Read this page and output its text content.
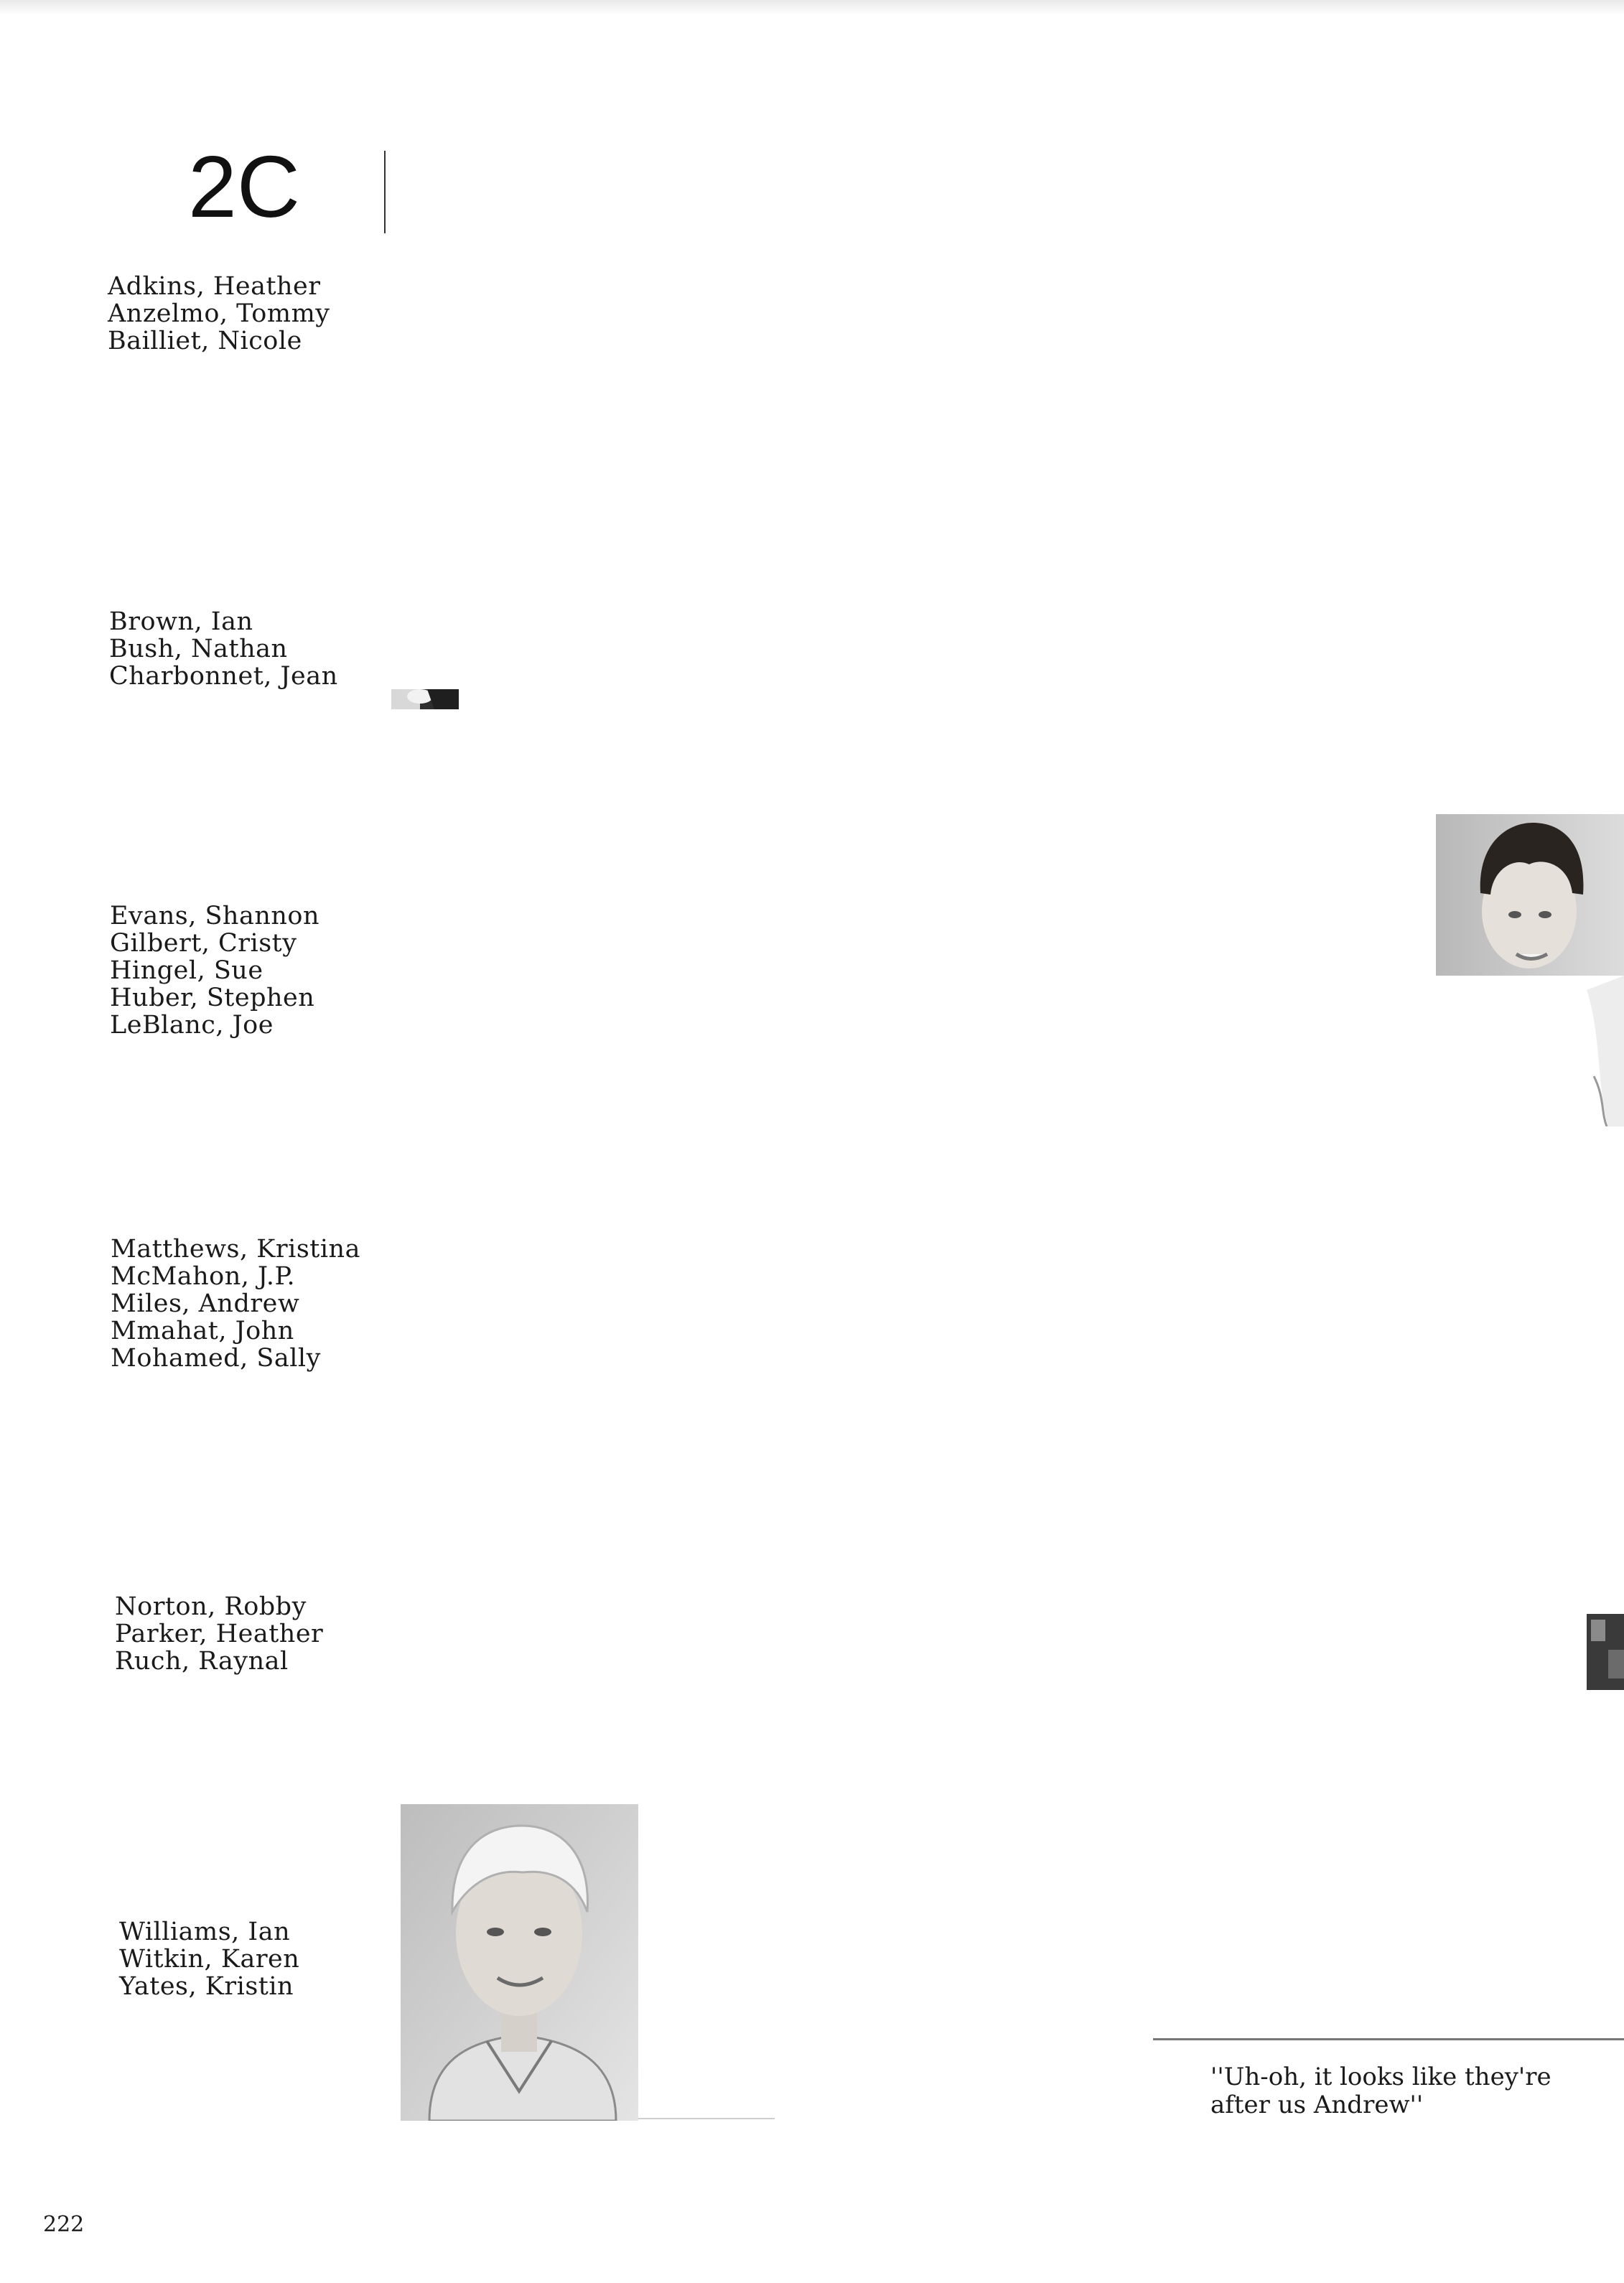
2C
Adkins, Heather
Anzelmo, Tommy
Bailliet, Nicole
Brown, Ian
Bush, Nathan
Charbonnet, Jean
Evans, Shannon
Gilbert, Cristy
Hingel, Sue
Huber, Stephen
LeBlanc, Joe
Matthews, Kristina
McMahon, J.P.
Miles, Andrew
Mmahat, John
Mohamed, Sally
Norton, Robby
Parker, Heather
Ruch, Raynal
Williams, Ian
Witkin, Karen
Yates, Kristin
''Uh-oh, it looks like they're after us Andrew''
222
